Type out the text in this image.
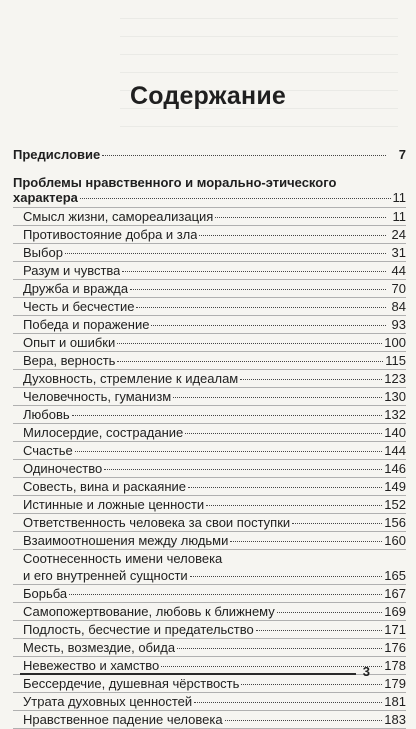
Содержание
Предисловие	7
Проблемы нравственного и морально-этического
характера	11
Смысл жизни, самореализация	11
Противостояние добра и зла	24
Выбор	31
Разум и чувства	44
Дружба и вражда	70
Честь и бесчестие	84
Победа и поражение	93
Опыт и ошибки	100
Вера, верность	115
Духовность, стремление к идеалам	123
Человечность, гуманизм	130
Любовь	132
Милосердие, сострадание	140
Счастье	144
Одиночество	146
Совесть, вина и раскаяние	149
Истинные и ложные ценности	152
Ответственность человека за свои поступки	156
Взаимоотношения между людьми	160
Соотнесенность имени человека
и его внутренней сущности	165
Борьба	167
Самопожертвование, любовь к ближнему	169
Подлость, бесчестие и предательство	171
Месть, возмездие, обида	176
Невежество и хамство	178
Бессердечие, душевная чёрствость	179
Утрата духовных ценностей	181
Нравственное падение человека	183
3
